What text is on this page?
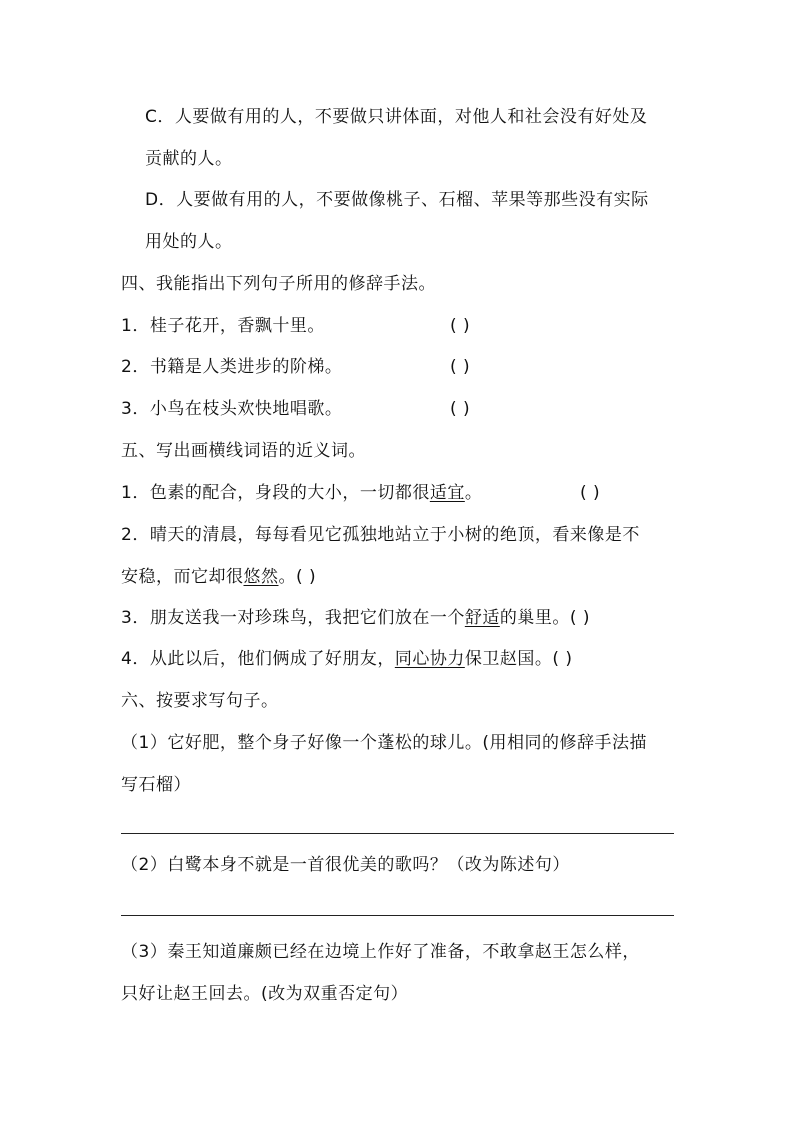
C．人要做有用的人，不要做只讲体面，对他人和社会没有好处及
贡献的人。
D．人要做有用的人，不要做像桃子、石榴、苹果等那些没有实际
用处的人。
四、我能指出下列句子所用的修辞手法。
1．桂子花开，香飘十里。	( )
2．书籍是人类进步的阶梯。	( )
3．小鸟在枝头欢快地唱歌。	( )
五、写出画横线词语的近义词。
1．色素的配合，身段的大小，一切都很适宜。	( )
2．晴天的清晨，每每看见它孤独地站立于小树的绝顶，看来像是不
安稳，而它却很悠然。( )
3．朋友送我一对珍珠鸟，我把它们放在一个舒适的巢里。( )
4．从此以后，他们俩成了好朋友，同心协力保卫赵国。( )
六、按要求写句子。
（1）它好肥，整个身子好像一个蓬松的球儿。(用相同的修辞手法描
写石榴）
（2）白鹭本身不就是一首很优美的歌吗？（改为陈述句）
（3）秦王知道廉颇已经在边境上作好了准备，不敢拿赵王怎么样，
只好让赵王回去。(改为双重否定句）
